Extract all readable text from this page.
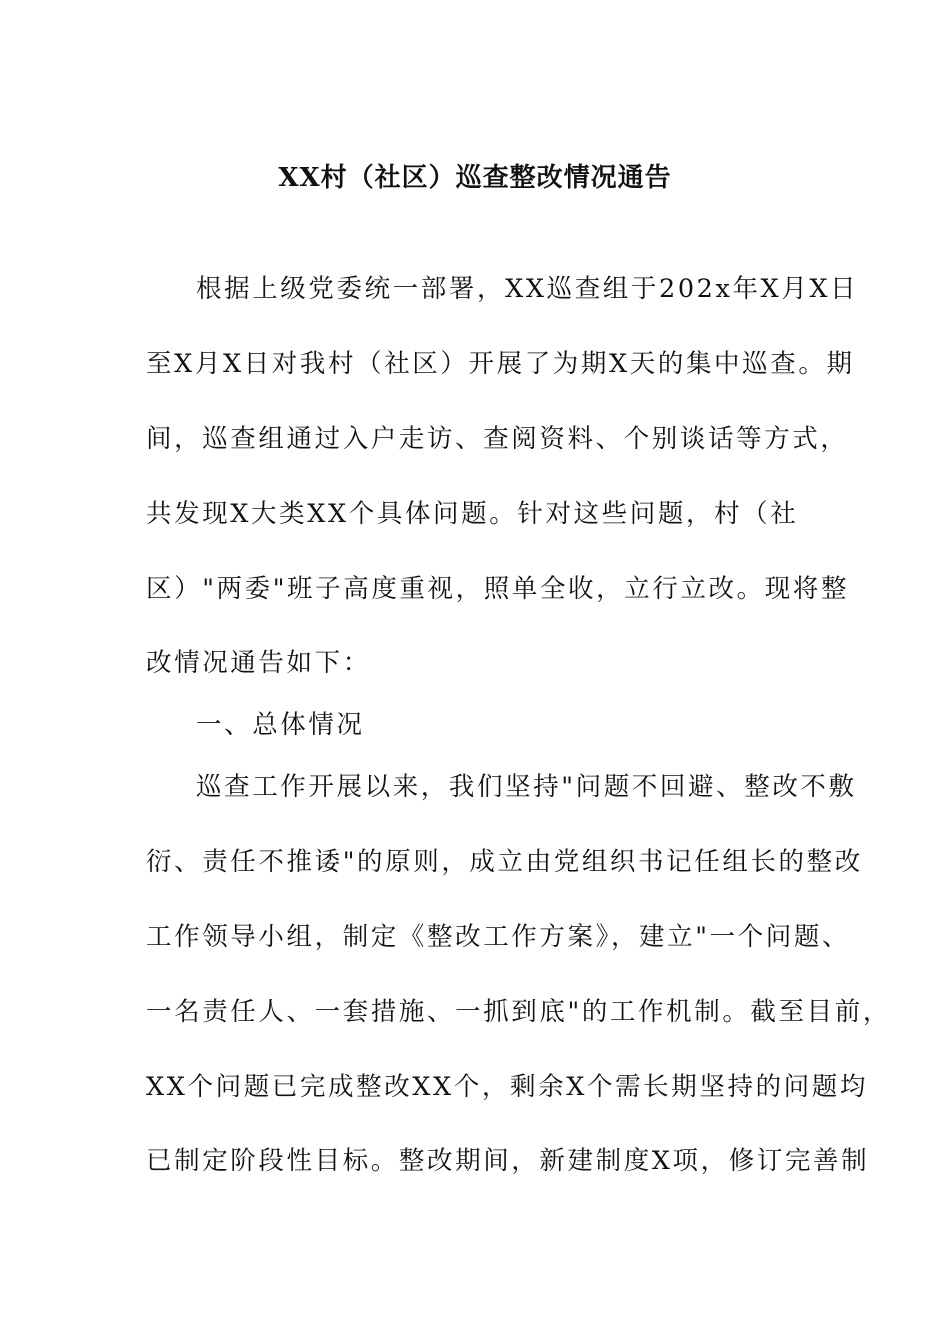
XX村（社区）巡查整改情况通告
根据上级党委统一部署，XX巡查组于202x年X月X日
至X月X日对我村（社区）开展了为期X天的集中巡查。期
间，巡查组通过入户走访、查阅资料、个别谈话等方式，
共发现X大类XX个具体问题。针对这些问题，村（社
区）"两委"班子高度重视，照单全收，立行立改。现将整
改情况通告如下：
一、总体情况
巡查工作开展以来，我们坚持"问题不回避、整改不敷
衍、责任不推诿"的原则，成立由党组织书记任组长的整改
工作领导小组，制定《整改工作方案》，建立"一个问题、
一名责任人、一套措施、一抓到底"的工作机制。截至目前，
XX个问题已完成整改XX个，剩余X个需长期坚持的问题均
已制定阶段性目标。整改期间，新建制度X项，修订完善制
